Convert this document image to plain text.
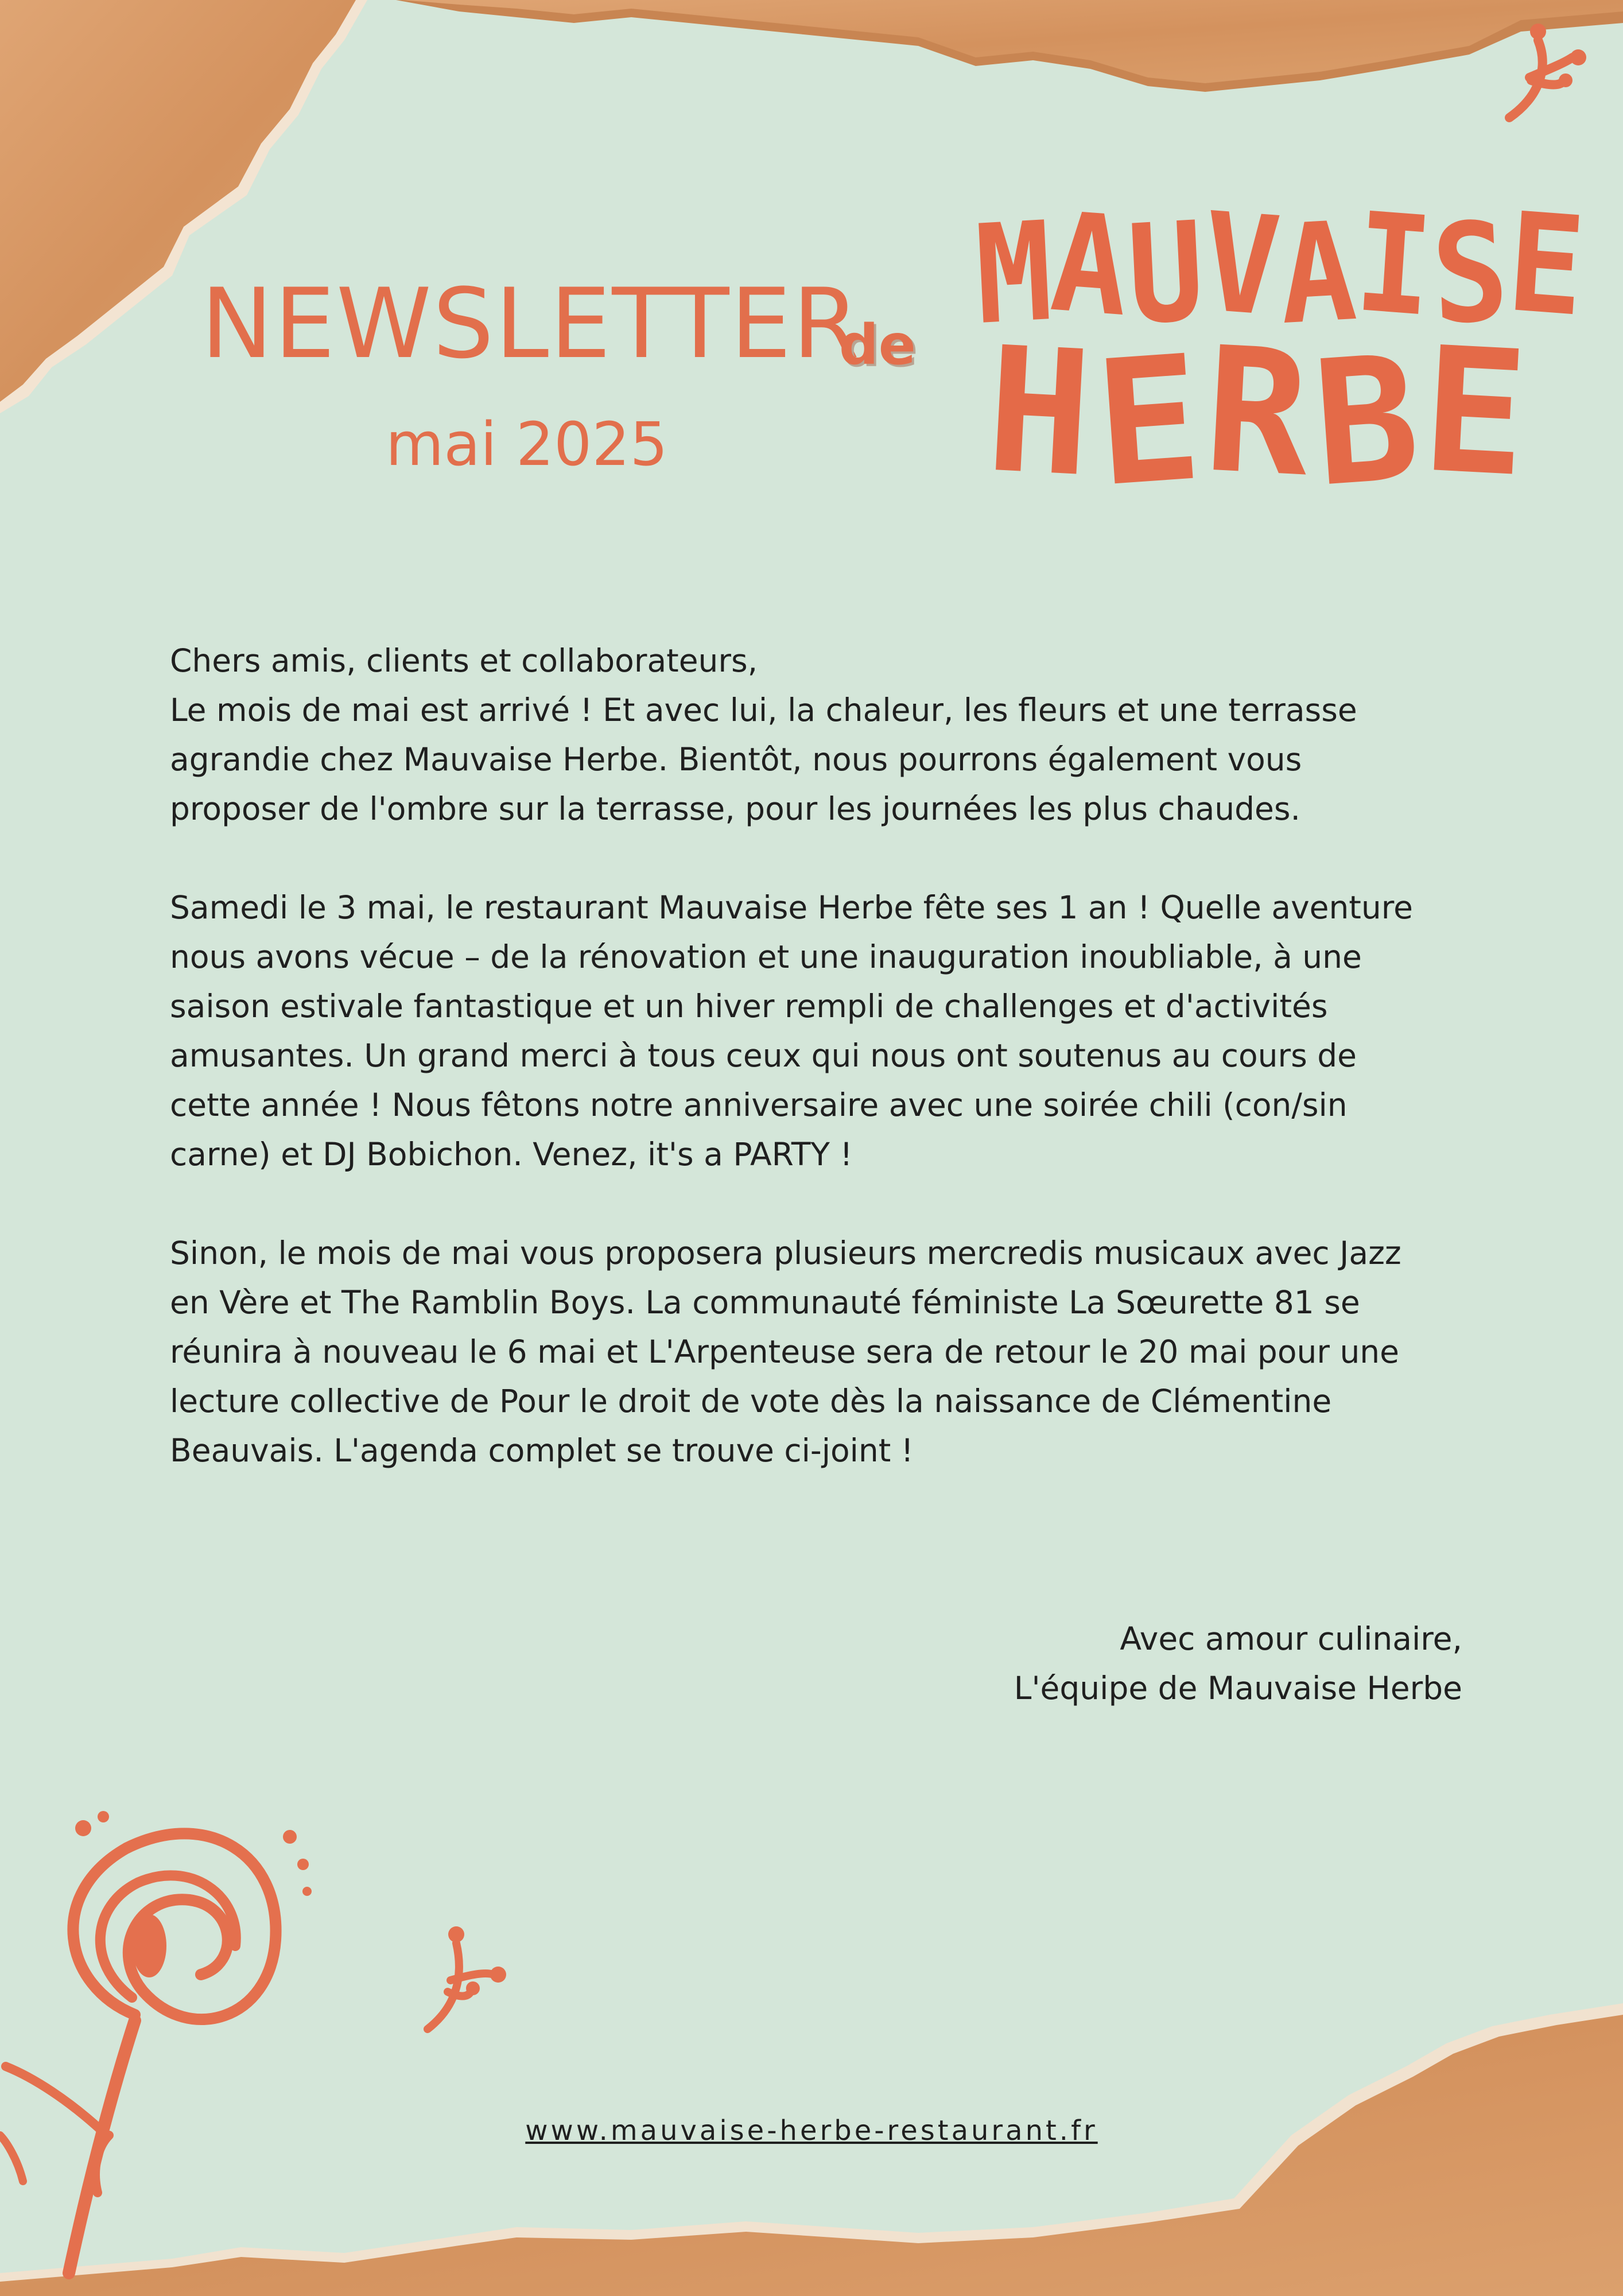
NEWSLETTER
de
mai 2025
M
A
U
V
A
I
S
E
H
E
R
B
E

Chers amis, clients et collaborateurs,
Le mois de mai est arrivé ! Et avec lui, la chaleur, les fleurs et une terrasse
agrandie chez Mauvaise Herbe. Bientôt, nous pourrons également vous
proposer de l'ombre sur la terrasse, pour les journées les plus chaudes.

Samedi le 3 mai, le restaurant Mauvaise Herbe fête ses 1 an ! Quelle aventure
nous avons vécue – de la rénovation et une inauguration inoubliable, à une
saison estivale fantastique et un hiver rempli de challenges et d'activités
amusantes. Un grand merci à tous ceux qui nous ont soutenus au cours de
cette année ! Nous fêtons notre anniversaire avec une soirée chili (con/sin
carne) et DJ Bobichon. Venez, it's a PARTY !

Sinon, le mois de mai vous proposera plusieurs mercredis musicaux avec Jazz
en Vère et The Ramblin Boys. La communauté féministe La Sœurette 81 se
réunira à nouveau le 6 mai et L'Arpenteuse sera de retour le 20 mai pour une
lecture collective de Pour le droit de vote dès la naissance de Clémentine
Beauvais. L'agenda complet se trouve ci-joint !

Avec amour culinaire,
L'équipe de Mauvaise Herbe
www.mauvaise-herbe-restaurant.fr
